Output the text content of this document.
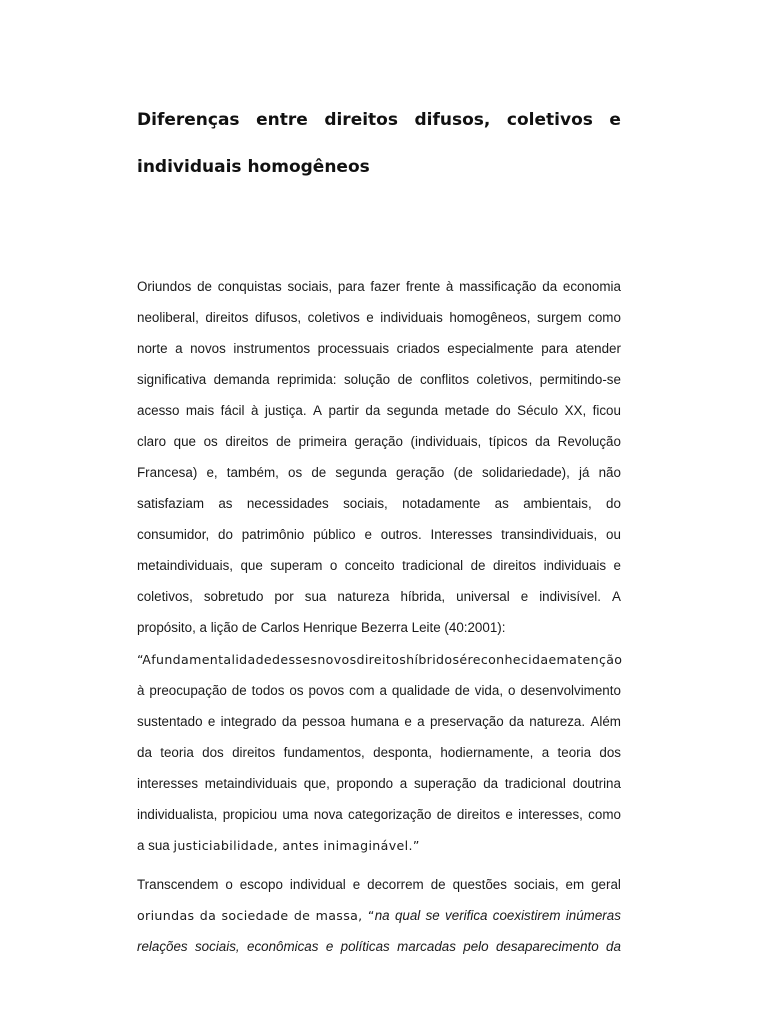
Diferenças entre direitos difusos, coletivos e
individuais homogêneos
Oriundos de conquistas sociais, para fazer frente à massificação da economia
neoliberal, direitos difusos, coletivos e individuais homogêneos, surgem como
norte a novos instrumentos processuais criados especialmente para atender
significativa demanda reprimida: solução de conflitos coletivos, permitindo-se
acesso mais fácil à justiça. A partir da segunda metade do Século XX, ficou
claro que os direitos de primeira geração (individuais, típicos da Revolução
Francesa) e, também, os de segunda geração (de solidariedade), já não
satisfaziam as necessidades sociais, notadamente as ambientais, do
consumidor, do patrimônio público e outros. Interesses transindividuais, ou
metaindividuais, que superam o conceito tradicional de direitos individuais e
coletivos, sobretudo por sua natureza híbrida, universal e indivisível. A
propósito, a lição de Carlos Henrique Bezerra Leite (40:2001):
“A fundamentalidade desses novos direitos híbridos é reconhecida em atenção
à preocupação de todos os povos com a qualidade de vida, o desenvolvimento
sustentado e integrado da pessoa humana e a preservação da natureza. Além
da teoria dos direitos fundamentos, desponta, hodiernamente, a teoria dos
interesses metaindividuais que, propondo a superação da tradicional doutrina
individualista, propiciou uma nova categorização de direitos e interesses, como
a sua justiciabilidade, antes inimaginável.”
Transcendem o escopo individual e decorrem de questões sociais, em geral
oriundas da sociedade de massa, “na qual se verifica coexistirem inúmeras
relações sociais, econômicas e políticas marcadas pelo desaparecimento da
